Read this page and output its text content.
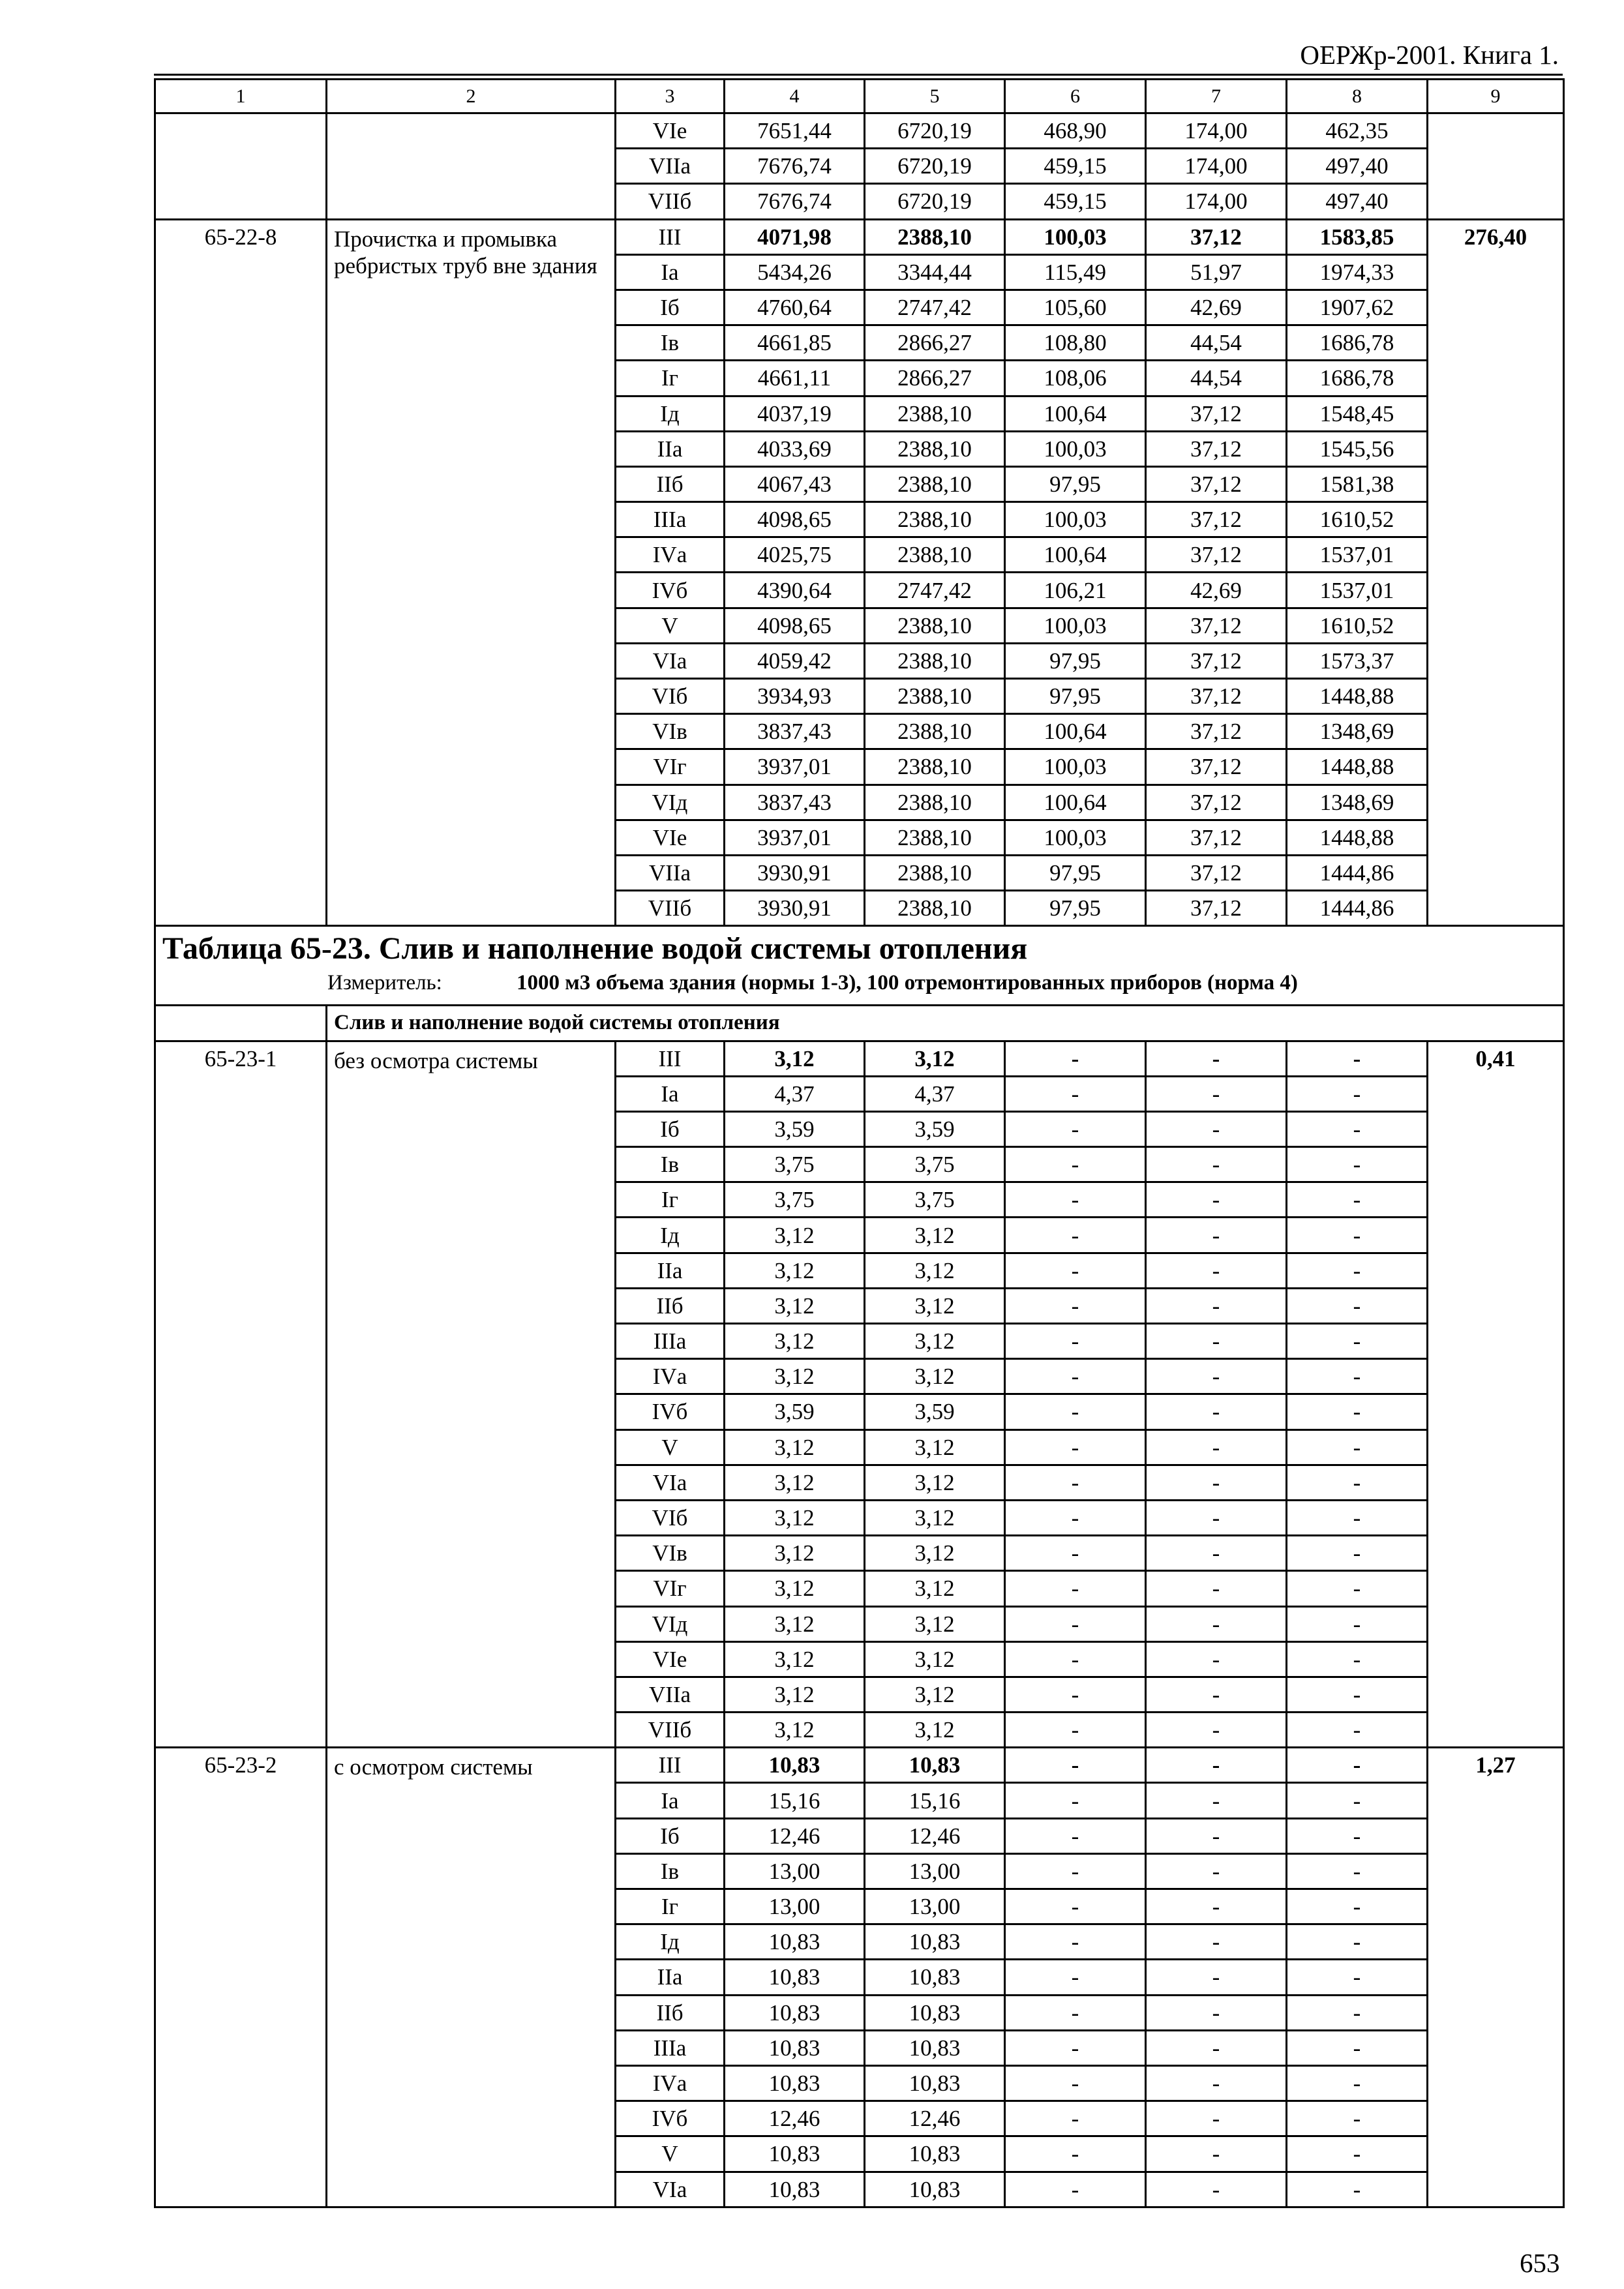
ОЕРЖр-2001. Книга 1.
1	2	3	4	5	6	7	8	9
		VIе	7651,44	6720,19	468,90	174,00	462,35	
		VIIа	7676,74	6720,19	459,15	174,00	497,40	
		VIIб	7676,74	6720,19	459,15	174,00	497,40	
65-22-8	Прочистка и промывка ребристых труб вне здания	III	4071,98	2388,10	100,03	37,12	1583,85	276,40
		Iа	5434,26	3344,44	115,49	51,97	1974,33	
		Iб	4760,64	2747,42	105,60	42,69	1907,62	
		Iв	4661,85	2866,27	108,80	44,54	1686,78	
		Iг	4661,11	2866,27	108,06	44,54	1686,78	
		Iд	4037,19	2388,10	100,64	37,12	1548,45	
		IIа	4033,69	2388,10	100,03	37,12	1545,56	
		IIб	4067,43	2388,10	97,95	37,12	1581,38	
		IIIа	4098,65	2388,10	100,03	37,12	1610,52	
		IVа	4025,75	2388,10	100,64	37,12	1537,01	
		IVб	4390,64	2747,42	106,21	42,69	1537,01	
		V	4098,65	2388,10	100,03	37,12	1610,52	
		VIа	4059,42	2388,10	97,95	37,12	1573,37	
		VIб	3934,93	2388,10	97,95	37,12	1448,88	
		VIв	3837,43	2388,10	100,64	37,12	1348,69	
		VIг	3937,01	2388,10	100,03	37,12	1448,88	
		VIд	3837,43	2388,10	100,64	37,12	1348,69	
		VIе	3937,01	2388,10	100,03	37,12	1448,88	
		VIIа	3930,91	2388,10	97,95	37,12	1444,86	
		VIIб	3930,91	2388,10	97,95	37,12	1444,86	

Таблица 65-23. Слив и наполнение водой системы отопления
Измеритель: 1000 м3 объема здания (нормы 1-3), 100 отремонтированных приборов (норма 4)								

	Слив и наполнение водой системы отопления							
65-23-1	без осмотра системы	III	3,12	3,12	-	-	-	0,41
		Iа	4,37	4,37	-	-	-	
		Iб	3,59	3,59	-	-	-	
		Iв	3,75	3,75	-	-	-	
		Iг	3,75	3,75	-	-	-	
		Iд	3,12	3,12	-	-	-	
		IIа	3,12	3,12	-	-	-	
		IIб	3,12	3,12	-	-	-	
		IIIа	3,12	3,12	-	-	-	
		IVа	3,12	3,12	-	-	-	
		IVб	3,59	3,59	-	-	-	
		V	3,12	3,12	-	-	-	
		VIа	3,12	3,12	-	-	-	
		VIб	3,12	3,12	-	-	-	
		VIв	3,12	3,12	-	-	-	
		VIг	3,12	3,12	-	-	-	
		VIд	3,12	3,12	-	-	-	
		VIе	3,12	3,12	-	-	-	
		VIIа	3,12	3,12	-	-	-	
		VIIб	3,12	3,12	-	-	-	
65-23-2	с осмотром системы	III	10,83	10,83	-	-	-	1,27
		Iа	15,16	15,16	-	-	-	
		Iб	12,46	12,46	-	-	-	
		Iв	13,00	13,00	-	-	-	
		Iг	13,00	13,00	-	-	-	
		Iд	10,83	10,83	-	-	-	
		IIа	10,83	10,83	-	-	-	
		IIб	10,83	10,83	-	-	-	
		IIIа	10,83	10,83	-	-	-	
		IVа	10,83	10,83	-	-	-	
		IVб	12,46	12,46	-	-	-	
		V	10,83	10,83	-	-	-	
		VIа	10,83	10,83	-	-	-	
653
